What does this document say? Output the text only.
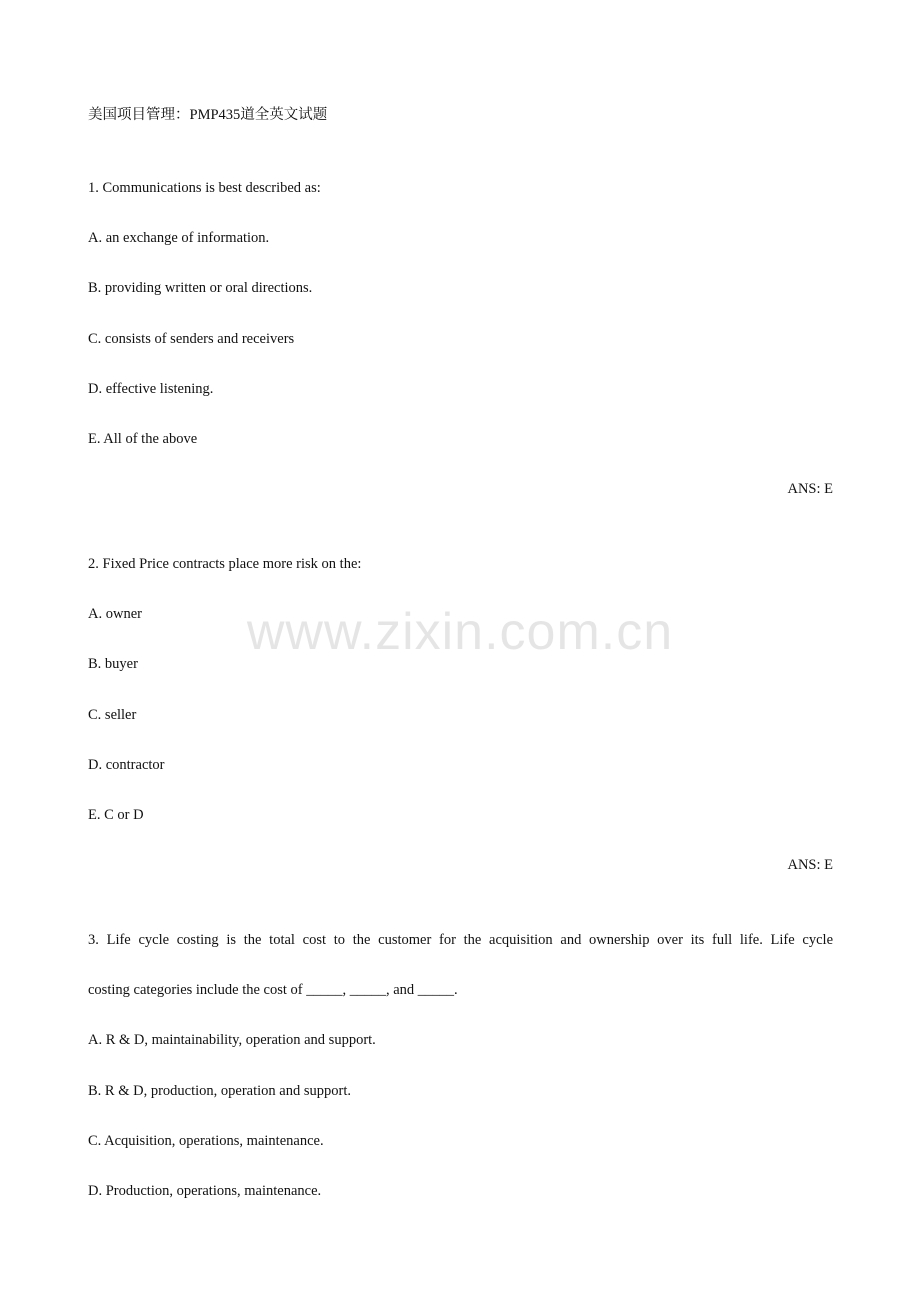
美国项目管理：PMP435道全英文试题
1. Communications is best described as:
A. an exchange of information.
B. providing written or oral directions.
C. consists of senders and receivers
D. effective listening.
E. All of the above
ANS: E
2. Fixed Price contracts place more risk on the:
A. owner
B. buyer
C. seller
D. contractor
E. C or D
ANS: E
3. Life cycle costing is the total cost to the customer for the acquisition and ownership over its full life. Life cycle
costing categories include the cost of _____, _____, and _____.
A. R & D, maintainability, operation and support.
B. R & D, production, operation and support.
C. Acquisition, operations, maintenance.
D. Production, operations, maintenance.
www.zixin.com.cn
